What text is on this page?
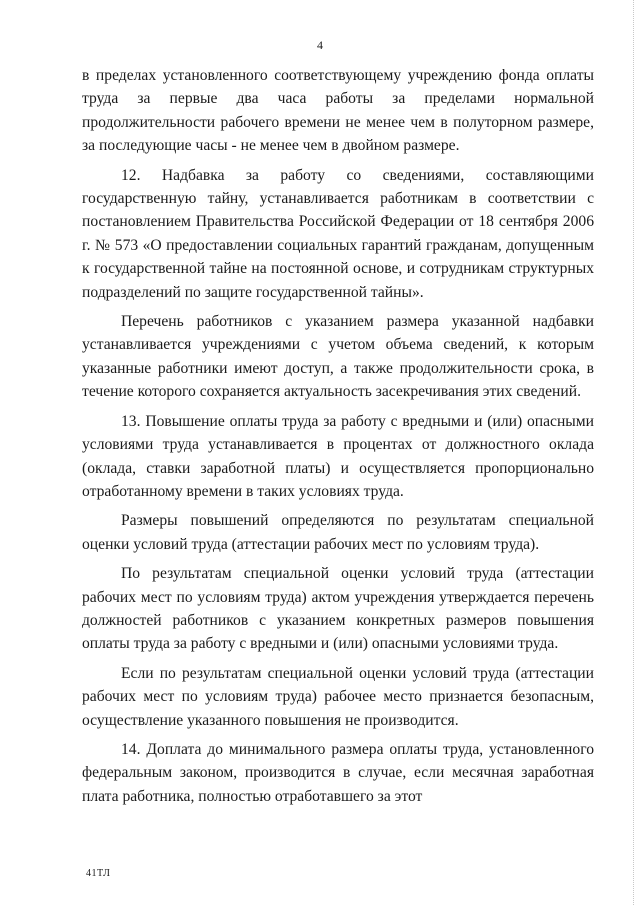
4

в пределах установленного соответствующему учреждению фонда оплаты труда за первые два часа работы за пределами нормальной продолжительности рабочего времени не менее чем в полуторном размере, за последующие часы - не менее чем в двойном размере.

12. Надбавка за работу со сведениями, составляющими государственную тайну, устанавливается работникам в соответствии с постановлением Правительства Российской Федерации от 18 сентября 2006 г. № 573 «О предоставлении социальных гарантий гражданам, допущенным к государственной тайне на постоянной основе, и сотрудникам структурных подразделений по защите государственной тайны».

Перечень работников с указанием размера указанной надбавки устанавливается учреждениями с учетом объема сведений, к которым указанные работники имеют доступ, а также продолжительности срока, в течение которого сохраняется актуальность засекречивания этих сведений.

13. Повышение оплаты труда за работу с вредными и (или) опасными условиями труда устанавливается в процентах от должностного оклада (оклада, ставки заработной платы) и осуществляется пропорционально отработанному времени в таких условиях труда.

Размеры повышений определяются по результатам специальной оценки условий труда (аттестации рабочих мест по условиям труда).

По результатам специальной оценки условий труда (аттестации рабочих мест по условиям труда) актом учреждения утверждается перечень должностей работников с указанием конкретных размеров повышения оплаты труда за работу с вредными и (или) опасными условиями труда.

Если по результатам специальной оценки условий труда (аттестации рабочих мест по условиям труда) рабочее место признается безопасным, осуществление указанного повышения не производится.

14. Доплата до минимального размера оплаты труда, установленного федеральным законом, производится в случае, если месячная заработная плата работника, полностью отработавшего за этот

41ТЛ
